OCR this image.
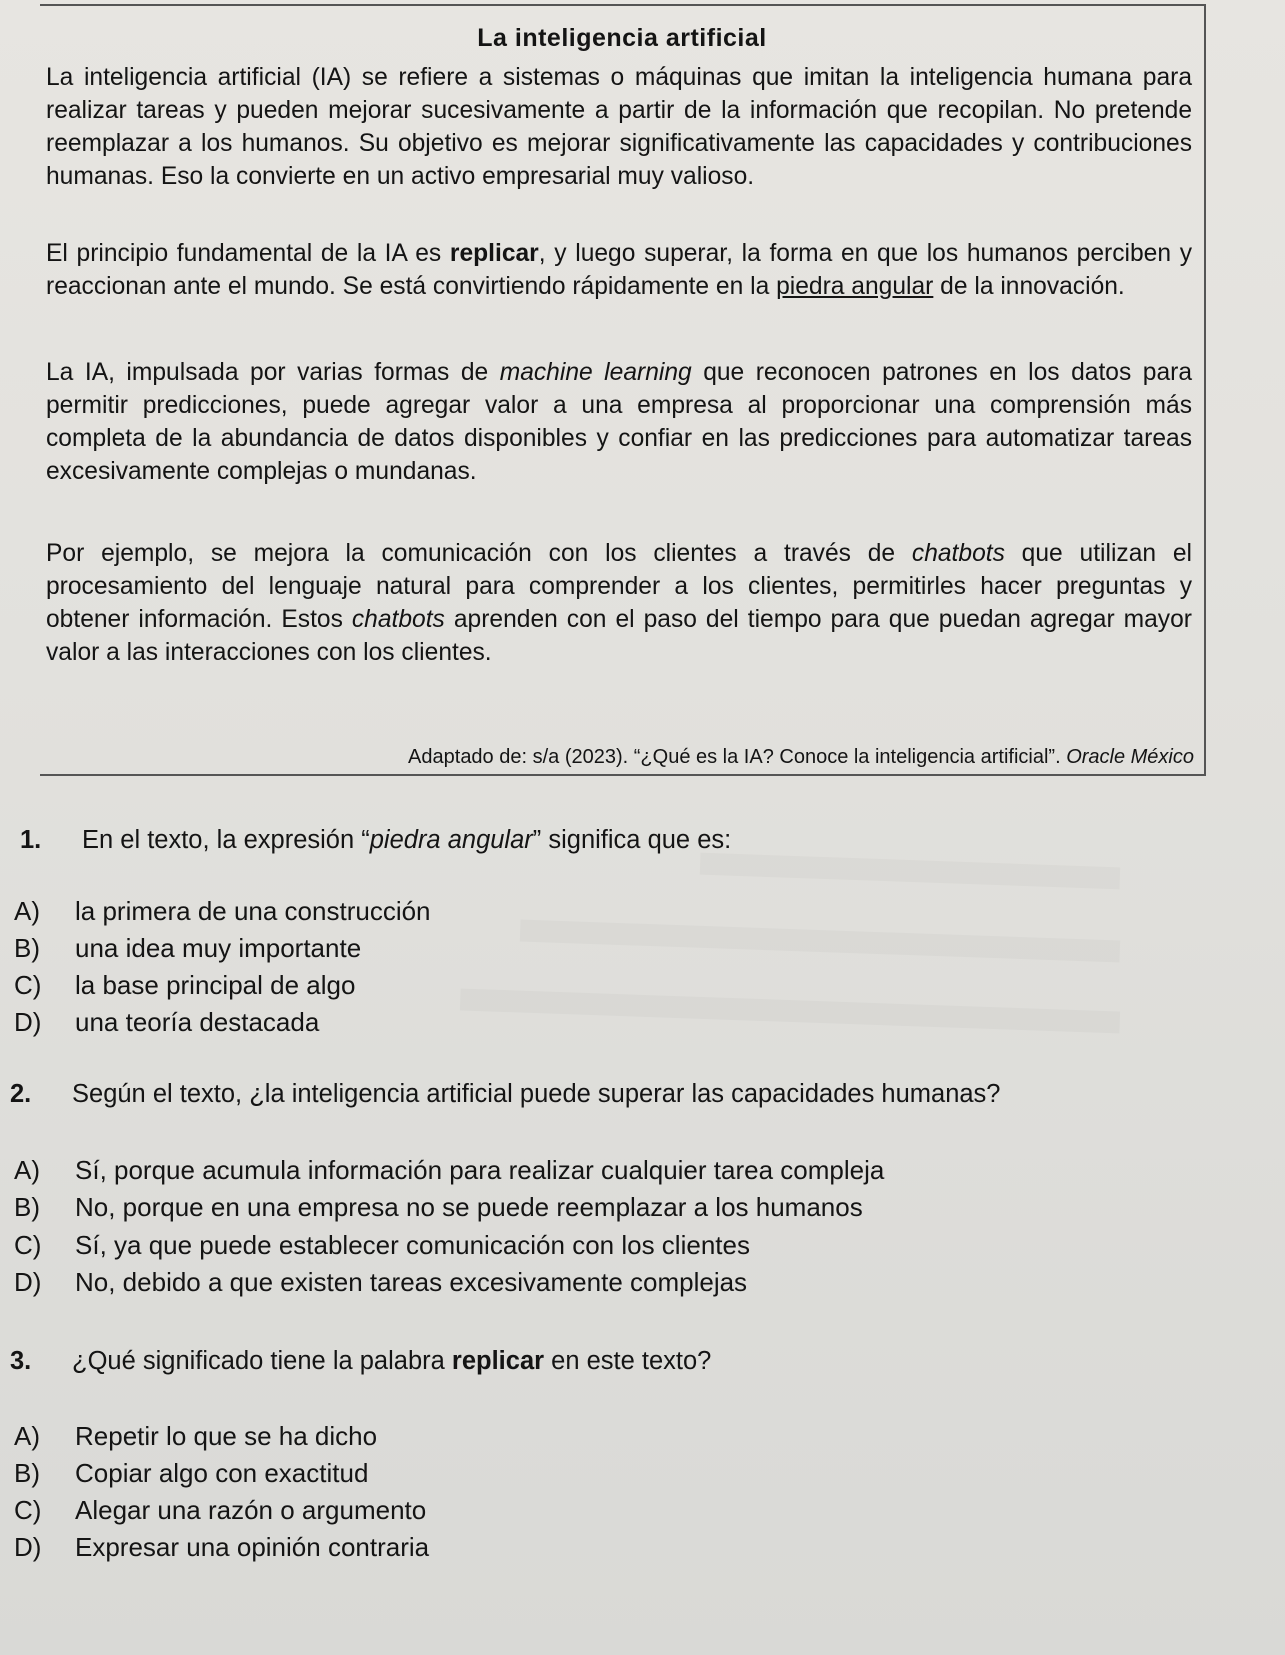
La inteligencia artificial
La inteligencia artificial (IA) se refiere a sistemas o máquinas que imitan la inteligencia humana para realizar tareas y pueden mejorar sucesivamente a partir de la información que recopilan. No pretende reemplazar a los humanos. Su objetivo es mejorar significativamente las capacidades y contribuciones humanas. Eso la convierte en un activo empresarial muy valioso.
El principio fundamental de la IA es replicar, y luego superar, la forma en que los humanos perciben y reaccionan ante el mundo. Se está convirtiendo rápidamente en la piedra angular de la innovación.
La IA, impulsada por varias formas de machine learning que reconocen patrones en los datos para permitir predicciones, puede agregar valor a una empresa al proporcionar una comprensión más completa de la abundancia de datos disponibles y confiar en las predicciones para automatizar tareas excesivamente complejas o mundanas.
Por ejemplo, se mejora la comunicación con los clientes a través de chatbots que utilizan el procesamiento del lenguaje natural para comprender a los clientes, permitirles hacer preguntas y obtener información. Estos chatbots aprenden con el paso del tiempo para que puedan agregar mayor valor a las interacciones con los clientes.
Adaptado de: s/a (2023). “¿Qué es la IA? Conoce la inteligencia artificial”. Oracle México
1. En el texto, la expresión “piedra angular” significa que es:
A) la primera de una construcción
B) una idea muy importante
C) la base principal de algo
D) una teoría destacada
2. Según el texto, ¿la inteligencia artificial puede superar las capacidades humanas?
A) Sí, porque acumula información para realizar cualquier tarea compleja
B) No, porque en una empresa no se puede reemplazar a los humanos
C) Sí, ya que puede establecer comunicación con los clientes
D) No, debido a que existen tareas excesivamente complejas
3. ¿Qué significado tiene la palabra replicar en este texto?
A) Repetir lo que se ha dicho
B) Copiar algo con exactitud
C) Alegar una razón o argumento
D) Expresar una opinión contraria
